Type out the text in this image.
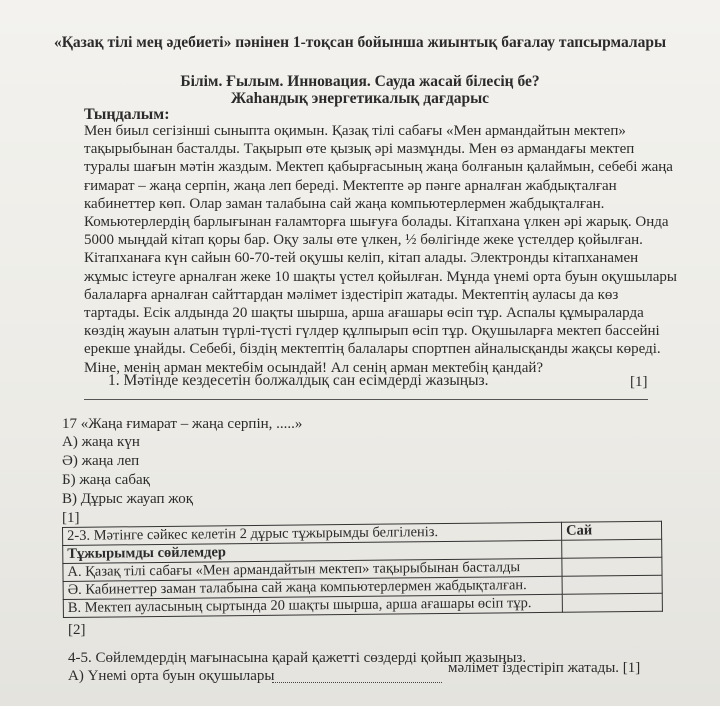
«Қазақ тілі мең әдебиеті» пәнінен 1-тоқсан бойынша жиынтық бағалау тапсырмалары
Білім. Ғылым. Инновация. Сауда жасай білесің бе?
Жаһандық энергетикалық дағдарыс
Тыңдалым:
Мен биыл сегізінші сыныпта оқимын. Қазақ тілі сабағы «Мен армандайтын мектеп»
тақырыбынан басталды. Тақырып өте қызық әрі мазмұнды. Мен өз армандағы мектеп
туралы шағын мәтін жаздым. Мектеп қабырғасының жаңа болғанын қалаймын, себебі жаңа
ғимарат – жаңа серпін, жаңа леп береді. Мектепте әр пәнге арналған жабдықталған
кабинеттер көп. Олар заман талабына сай жаңа компьютерлермен жабдықталған.
Комьютерлердің барлығынан ғаламторға шығуға болады. Кітапхана үлкен әрі жарық. Онда
5000 мыңдай кітап қоры бар. Оқу залы өте үлкен, ½ бөлігінде жеке үстелдер қойылған.
Кітапханаға күн сайын 60-70-тей оқушы келіп, кітап алады. Электронды кітапханамен
жұмыс істеуге арналған жеке 10 шақты үстел қойылған. Мұнда үнемі орта буын оқушылары
балаларға арналған сайттардан мәлімет іздестіріп жатады. Мектептің ауласы да көз
тартады. Есік алдында 20 шақты шырша, арша ағашары өсіп тұр. Аспалы құмыраларда
көздің жауын алатын түрлі-түсті гүлдер құлпырып өсіп тұр. Оқушыларға мектеп бассейні
ерекше ұнайды. Себебі, біздің мектептің балалары спортпен айналысқанды жақсы көреді.
Міне, менің арман мектебім осындай! Ал сенің арман мектебің қандай?
1. Мәтінде кездесетін болжалдық сан есімдерді жазыңыз.	[1]
17 «Жаңа ғимарат – жаңа серпін, .....»
А) жаңа күн
Ә) жаңа леп
Б) жаңа сабақ
В) Дұрыс жауап жоқ
[1]
2-3. Мәтінге сәйкес келетін 2 дұрыс тұжырымды белгіленіз.	Сай
Тұжырымды сөйлемдер	
А. Қазақ тілі сабағы «Мен армандайтын мектеп» тақырыбынан басталды	
Ә. Кабинеттер заман талабына сай жаңа компьютерлермен жабдықталған.	
В. Мектеп ауласының сыртында 20 шақты шырша, арша ағашары өсіп тұр.	
[2]
4-5. Сөйлемдердің мағынасына қарай қажетті сөздерді қойып жазыңыз.
А) Үнемі орта буын оқушылары	мәлімет іздестіріп жатады. [1]
